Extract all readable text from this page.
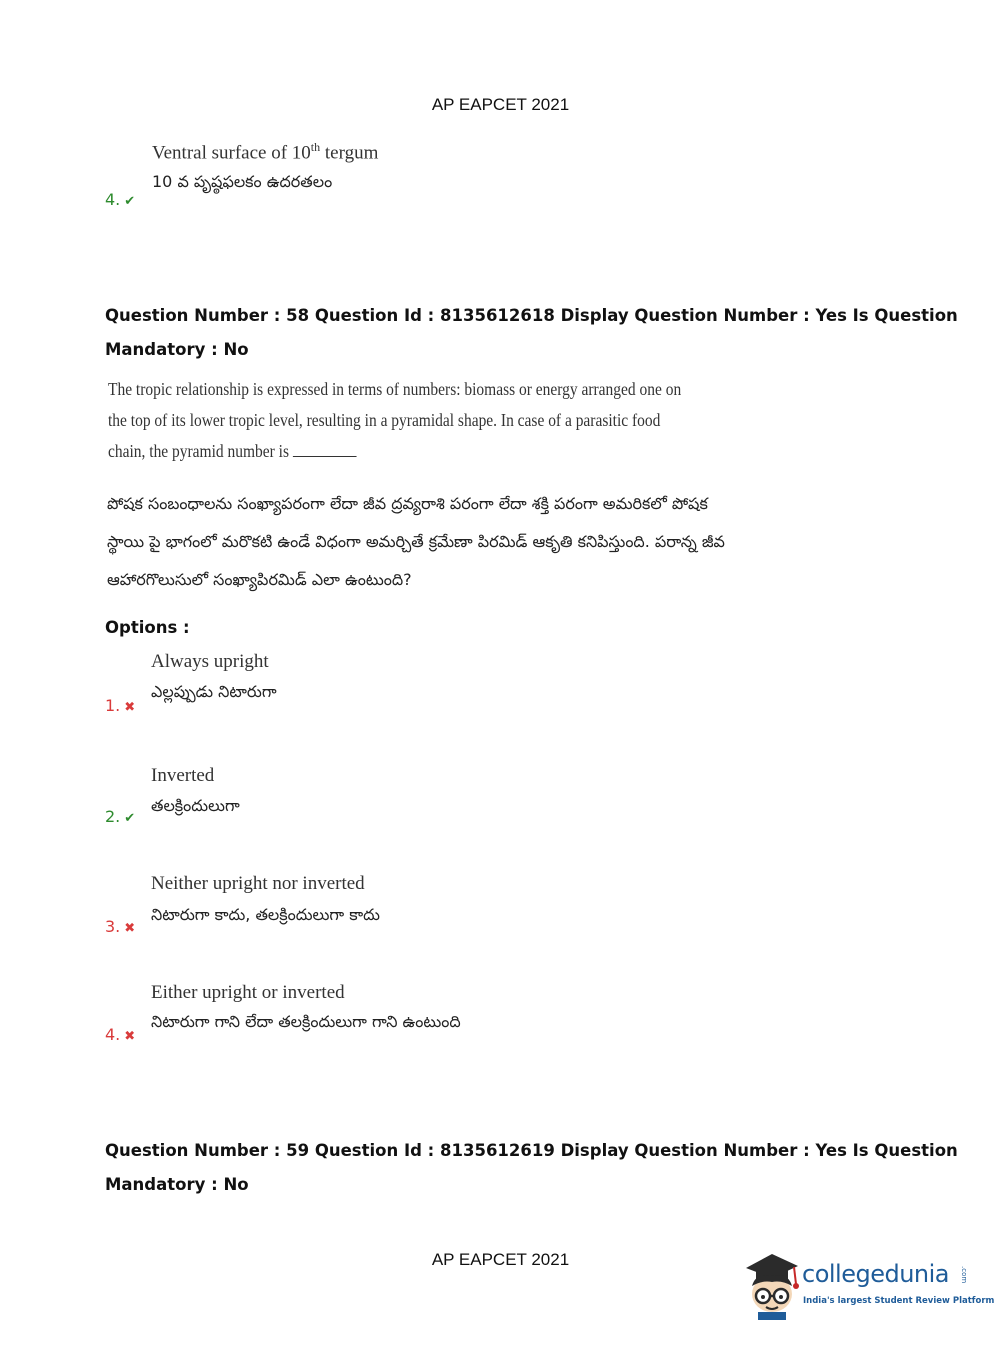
AP EAPCET 2021
Ventral surface of 10th tergum
10 వ పృష్ఠఫలకం ఉదరతలం
4. ✔
Question Number : 58 Question Id : 8135612618 Display Question Number : Yes Is Question
Mandatory : No
The tropic relationship is expressed in terms of numbers: biomass or energy arranged one on
the top of its lower tropic level, resulting in a pyramidal shape. In case of a parasitic food
chain, the pyramid number is
పోషక సంబంధాలను సంఖ్యాపరంగా లేదా జీవ ద్రవ్యరాశి పరంగా లేదా శక్తి పరంగా అమరికలో పోషక
స్థాయి పై భాగంలో మరొకటి ఉండే విధంగా అమర్చితే క్రమేణా పిరమిడ్ ఆకృతి కనిపిస్తుంది. పరాన్న జీవ
ఆహారగొలుసులో సంఖ్యాపిరమిడ్ ఎలా ఉంటుంది?
Options :
Always upright
ఎల్లప్పుడు నిటారుగా
1. ✖
Inverted
తలక్రిందులుగా
2. ✔
Neither upright nor inverted
నిటారుగా కాదు, తలక్రిందులుగా కాదు
3. ✖
Either upright or inverted
నిటారుగా గాని లేదా తలక్రిందులుగా గాని ఉంటుంది
4. ✖
Question Number : 59 Question Id : 8135612619 Display Question Number : Yes Is Question
Mandatory : No
AP EAPCET 2021
collegedunia .com
India's largest Student Review Platform
